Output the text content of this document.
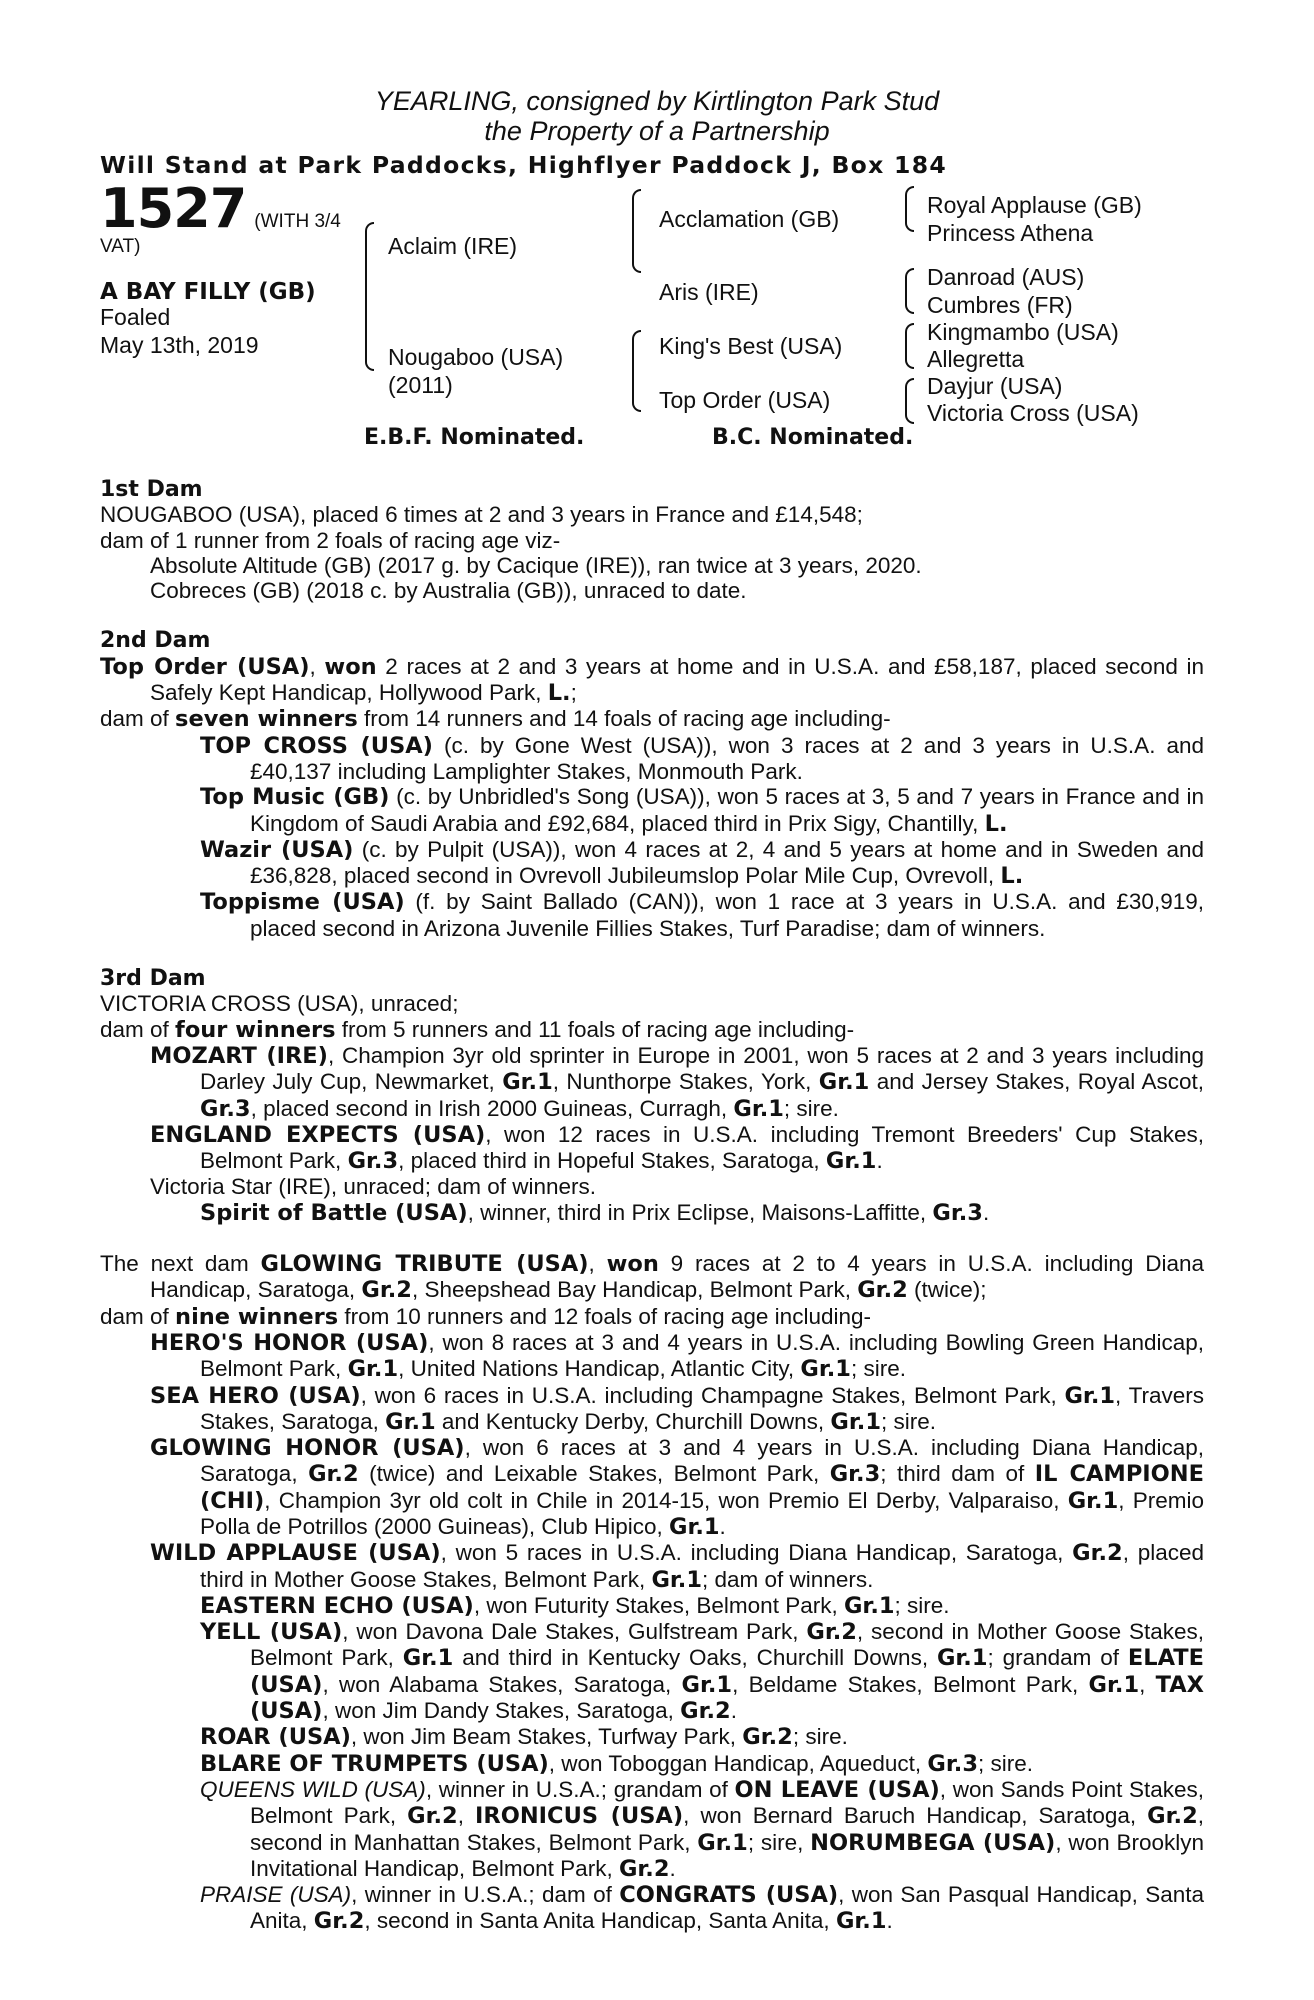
YEARLING, consigned by Kirtlington Park Stud
the Property of a Partnership
Will Stand at Park Paddocks, Highflyer Paddock J, Box 184
1527 (WITH 3/4
VAT)
A BAY FILLY (GB)
Foaled
May 13th, 2019
Aclaim (IRE)
Nougaboo (USA)
(2011)
Acclamation (GB)
Aris (IRE)
King's Best (USA)
Top Order (USA)
Royal Applause (GB)
Princess Athena
Danroad (AUS)
Cumbres (FR)
Kingmambo (USA)
Allegretta
Dayjur (USA)
Victoria Cross (USA)
E.B.F. Nominated.	B.C. Nominated.
1st Dam
NOUGABOO (USA), placed 6 times at 2 and 3 years in France and £14,548;
dam of 1 runner from 2 foals of racing age viz-
Absolute Altitude (GB) (2017 g. by Cacique (IRE)), ran twice at 3 years, 2020.
Cobreces (GB) (2018 c. by Australia (GB)), unraced to date.
2nd Dam
Top Order (USA), won 2 races at 2 and 3 years at home and in U.S.A. and £58,187, placed second in Safely Kept Handicap, Hollywood Park, L.;
dam of seven winners from 14 runners and 14 foals of racing age including-
TOP CROSS (USA) (c. by Gone West (USA)), won 3 races at 2 and 3 years in U.S.A. and £40,137 including Lamplighter Stakes, Monmouth Park.
Top Music (GB) (c. by Unbridled's Song (USA)), won 5 races at 3, 5 and 7 years in France and in Kingdom of Saudi Arabia and £92,684, placed third in Prix Sigy, Chantilly, L.
Wazir (USA) (c. by Pulpit (USA)), won 4 races at 2, 4 and 5 years at home and in Sweden and £36,828, placed second in Ovrevoll Jubileumslop Polar Mile Cup, Ovrevoll, L.
Toppisme (USA) (f. by Saint Ballado (CAN)), won 1 race at 3 years in U.S.A. and £30,919, placed second in Arizona Juvenile Fillies Stakes, Turf Paradise; dam of winners.
3rd Dam
VICTORIA CROSS (USA), unraced;
dam of four winners from 5 runners and 11 foals of racing age including-
MOZART (IRE), Champion 3yr old sprinter in Europe in 2001, won 5 races at 2 and 3 years including Darley July Cup, Newmarket, Gr.1, Nunthorpe Stakes, York, Gr.1 and Jersey Stakes, Royal Ascot, Gr.3, placed second in Irish 2000 Guineas, Curragh, Gr.1; sire.
ENGLAND EXPECTS (USA), won 12 races in U.S.A. including Tremont Breeders' Cup Stakes, Belmont Park, Gr.3, placed third in Hopeful Stakes, Saratoga, Gr.1.
Victoria Star (IRE), unraced; dam of winners.
Spirit of Battle (USA), winner, third in Prix Eclipse, Maisons-Laffitte, Gr.3.
The next dam GLOWING TRIBUTE (USA), won 9 races at 2 to 4 years in U.S.A. including Diana Handicap, Saratoga, Gr.2, Sheepshead Bay Handicap, Belmont Park, Gr.2 (twice);
dam of nine winners from 10 runners and 12 foals of racing age including-
HERO'S HONOR (USA), won 8 races at 3 and 4 years in U.S.A. including Bowling Green Handicap, Belmont Park, Gr.1, United Nations Handicap, Atlantic City, Gr.1; sire.
SEA HERO (USA), won 6 races in U.S.A. including Champagne Stakes, Belmont Park, Gr.1, Travers Stakes, Saratoga, Gr.1 and Kentucky Derby, Churchill Downs, Gr.1; sire.
GLOWING HONOR (USA), won 6 races at 3 and 4 years in U.S.A. including Diana Handicap, Saratoga, Gr.2 (twice) and Leixable Stakes, Belmont Park, Gr.3; third dam of IL CAMPIONE (CHI), Champion 3yr old colt in Chile in 2014-15, won Premio El Derby, Valparaiso, Gr.1, Premio Polla de Potrillos (2000 Guineas), Club Hipico, Gr.1.
WILD APPLAUSE (USA), won 5 races in U.S.A. including Diana Handicap, Saratoga, Gr.2, placed third in Mother Goose Stakes, Belmont Park, Gr.1; dam of winners.
EASTERN ECHO (USA), won Futurity Stakes, Belmont Park, Gr.1; sire.
YELL (USA), won Davona Dale Stakes, Gulfstream Park, Gr.2, second in Mother Goose Stakes, Belmont Park, Gr.1 and third in Kentucky Oaks, Churchill Downs, Gr.1; grandam of ELATE (USA), won Alabama Stakes, Saratoga, Gr.1, Beldame Stakes, Belmont Park, Gr.1, TAX (USA), won Jim Dandy Stakes, Saratoga, Gr.2.
ROAR (USA), won Jim Beam Stakes, Turfway Park, Gr.2; sire.
BLARE OF TRUMPETS (USA), won Toboggan Handicap, Aqueduct, Gr.3; sire.
QUEENS WILD (USA), winner in U.S.A.; grandam of ON LEAVE (USA), won Sands Point Stakes, Belmont Park, Gr.2, IRONICUS (USA), won Bernard Baruch Handicap, Saratoga, Gr.2, second in Manhattan Stakes, Belmont Park, Gr.1; sire, NORUMBEGA (USA), won Brooklyn Invitational Handicap, Belmont Park, Gr.2.
PRAISE (USA), winner in U.S.A.; dam of CONGRATS (USA), won San Pasqual Handicap, Santa Anita, Gr.2, second in Santa Anita Handicap, Santa Anita, Gr.1.
